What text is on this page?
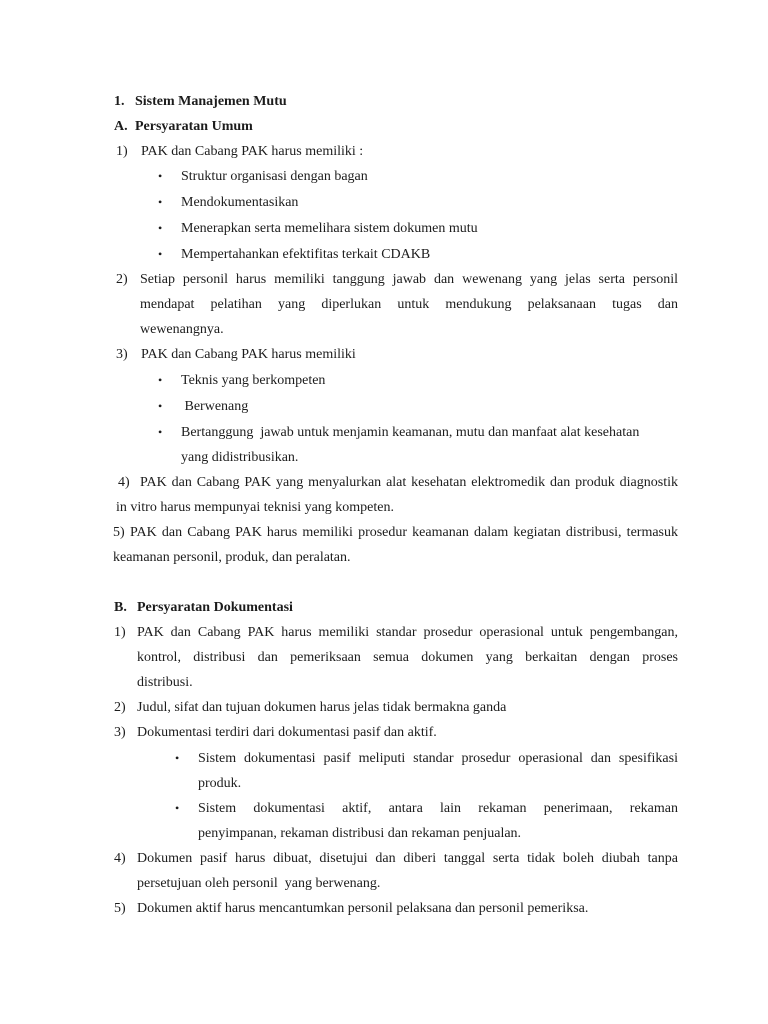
1. Sistem Manajemen Mutu
A. Persyaratan Umum
1) PAK dan Cabang PAK harus memiliki :
• Struktur organisasi dengan bagan
• Mendokumentasikan
• Menerapkan serta memelihara sistem dokumen mutu
• Mempertahankan efektifitas terkait CDAKB
2) Setiap personil harus memiliki tanggung jawab dan wewenang yang jelas serta personil
mendapat pelatihan yang diperlukan untuk mendukung pelaksanaan tugas dan
wewenangnya.
3) PAK dan Cabang PAK harus memiliki
• Teknis yang berkompeten
• Berwenang
• Bertanggung  jawab untuk menjamin keamanan, mutu dan manfaat alat kesehatan
yang didistribusikan.
4) PAK dan Cabang PAK yang menyalurkan alat kesehatan elektromedik dan produk diagnostik
in vitro harus mempunyai teknisi yang kompeten.
5) PAK dan Cabang PAK harus memiliki prosedur keamanan dalam kegiatan distribusi, termasuk
keamanan personil, produk, dan peralatan.
B. Persyaratan Dokumentasi
1) PAK dan Cabang PAK harus memiliki standar prosedur operasional untuk pengembangan,
kontrol, distribusi dan pemeriksaan semua dokumen yang berkaitan dengan proses
distribusi.
2) Judul, sifat dan tujuan dokumen harus jelas tidak bermakna ganda
3) Dokumentasi terdiri dari dokumentasi pasif dan aktif.
• Sistem dokumentasi pasif meliputi standar prosedur operasional dan spesifikasi
produk.
• Sistem dokumentasi aktif, antara lain rekaman penerimaan, rekaman
penyimpanan, rekaman distribusi dan rekaman penjualan.
4) Dokumen pasif harus dibuat, disetujui dan diberi tanggal serta tidak boleh diubah tanpa
persetujuan oleh personil  yang berwenang.
5) Dokumen aktif harus mencantumkan personil pelaksana dan personil pemeriksa.
